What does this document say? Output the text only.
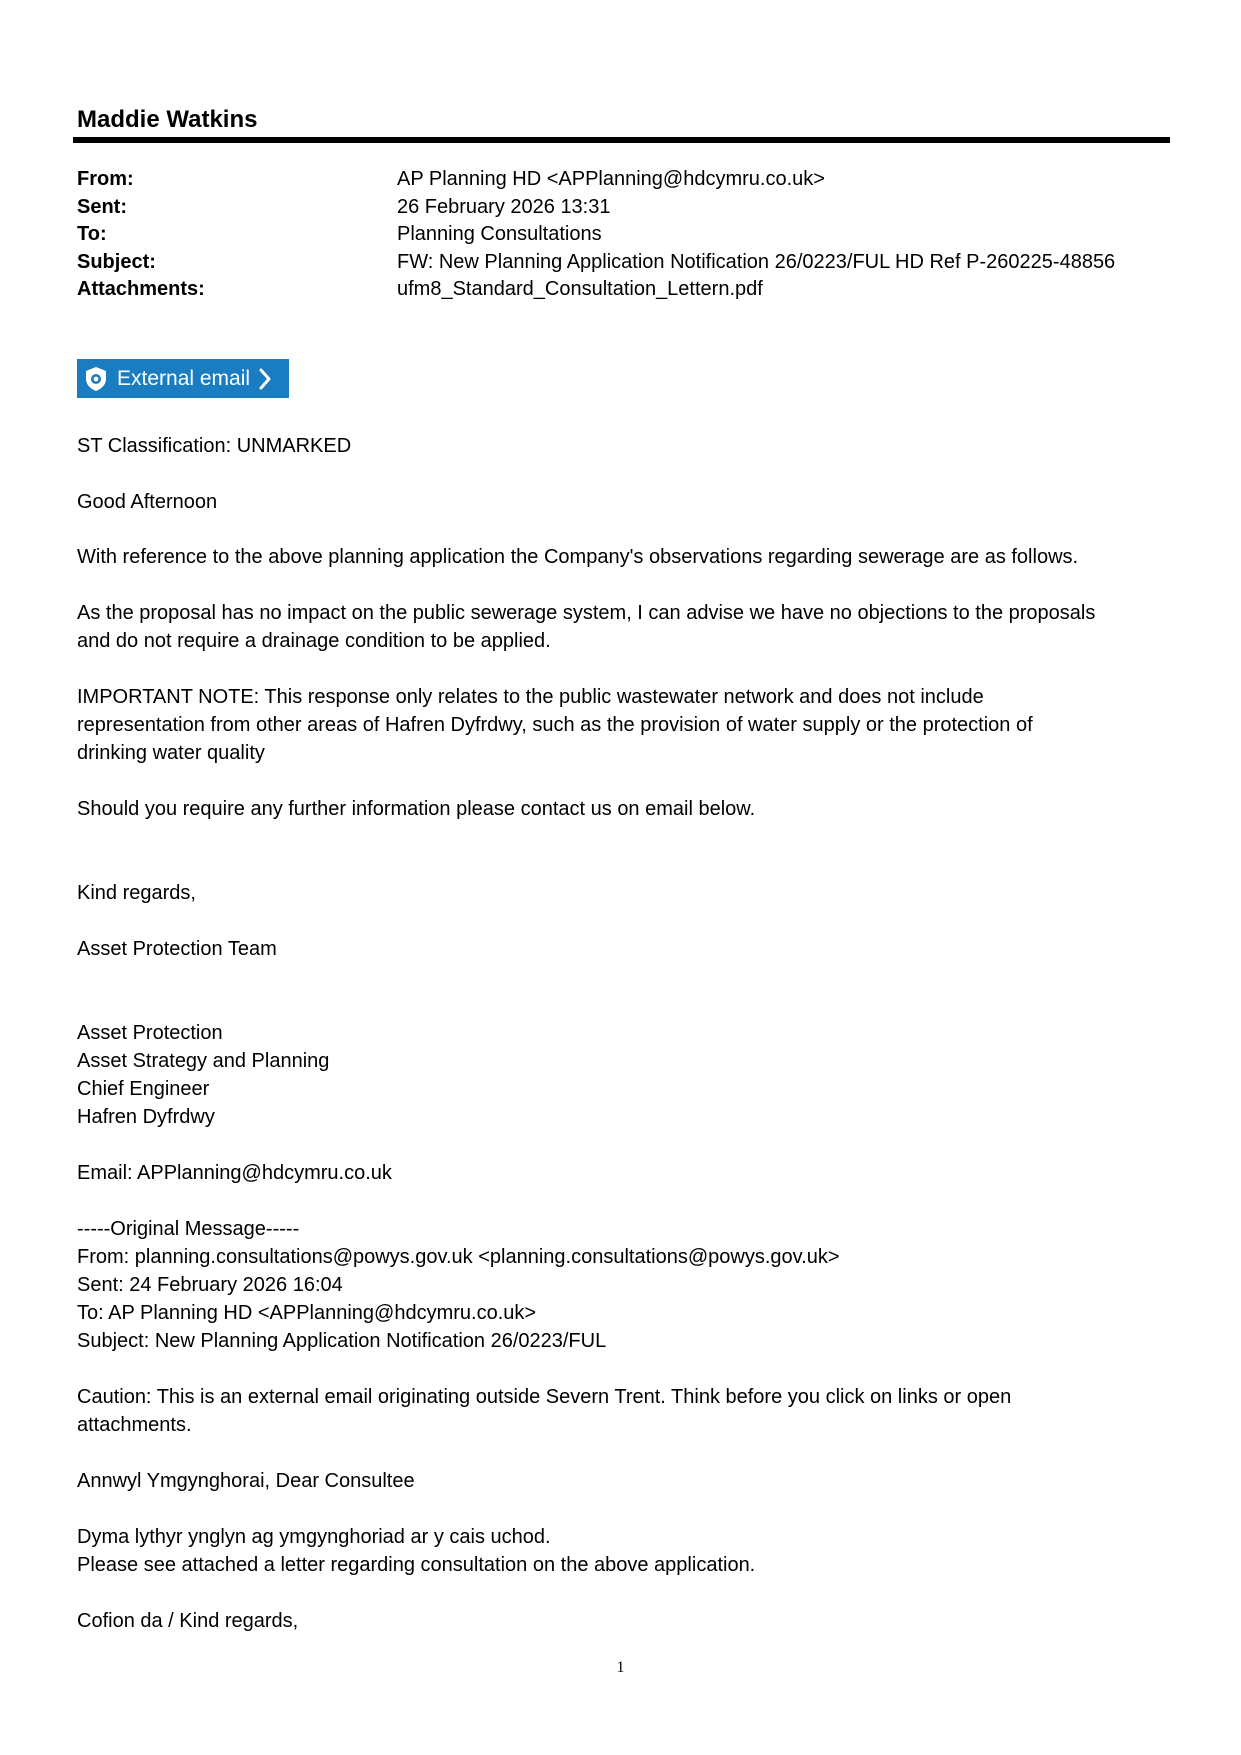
Maddie Watkins
From:	AP Planning HD <APPlanning@hdcymru.co.uk>
Sent:	26 February 2026 13:31
To:	Planning Consultations
Subject:	FW: New Planning Application Notification 26/0223/FUL HD Ref P-260225-48856
Attachments:	ufm8_Standard_Consultation_Lettern.pdf
External email
ST Classification: UNMARKED
Good Afternoon
With reference to the above planning application the Company's observations regarding sewerage are as follows.
As the proposal has no impact on the public sewerage system, I can advise we have no objections to the proposals
and do not require a drainage condition to be applied.
IMPORTANT NOTE: This response only relates to the public wastewater network and does not include
representation from other areas of Hafren Dyfrdwy, such as the provision of water supply or the protection of
drinking water quality
Should you require any further information please contact us on email below.
Kind regards,
Asset Protection Team
Asset Protection
Asset Strategy and Planning
Chief Engineer
Hafren Dyfrdwy
Email: APPlanning@hdcymru.co.uk
-----Original Message-----
From: planning.consultations@powys.gov.uk <planning.consultations@powys.gov.uk>
Sent: 24 February 2026 16:04
To: AP Planning HD <APPlanning@hdcymru.co.uk>
Subject: New Planning Application Notification 26/0223/FUL
Caution: This is an external email originating outside Severn Trent. Think before you click on links or open
attachments.
Annwyl Ymgynghorai, Dear Consultee
Dyma lythyr ynglyn ag ymgynghoriad ar y cais uchod.
Please see attached a letter regarding consultation on the above application.
Cofion da / Kind regards,
1
